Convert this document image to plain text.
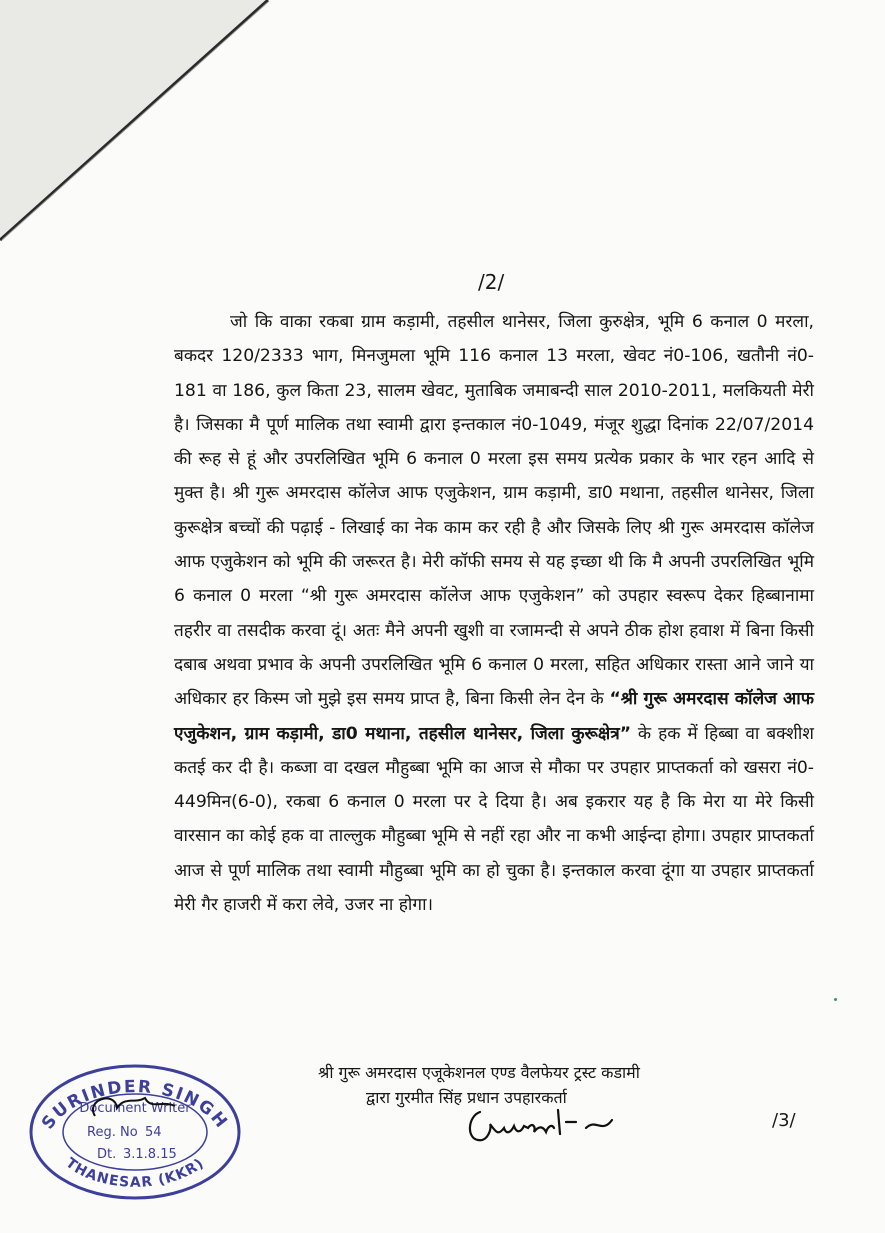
/2/

जो कि वाका रकबा ग्राम कड़ामी, तहसील थानेसर, जिला कुरुक्षेत्र, भूमि 6 कनाल 0 मरला, बकदर 120/2333 भाग, मिनजुमला भूमि 116 कनाल 13 मरला, खेवट नं0-106, खतौनी नं0-181 वा 186, कुल किता 23, सालम खेवट, मुताबिक जमाबन्दी साल 2010-2011, मलकियती मेरी है। जिसका मै पूर्ण मालिक तथा स्वामी द्वारा इन्तकाल नं0-1049, मंजूर शुद्धा दिनांक 22/07/2014 की रूह से हूं और उपरलिखित भूमि 6 कनाल 0 मरला इस समय प्रत्येक प्रकार के भार रहन आदि से मुक्त है। श्री गुरू अमरदास कॉलेज आफ एजुकेशन, ग्राम कड़ामी, डा0 मथाना, तहसील थानेसर, जिला कुरूक्षेत्र बच्चों की पढ़ाई - लिखाई का नेक काम कर रही है और जिसके लिए श्री गुरू अमरदास कॉलेज आफ एजुकेशन को भूमि की जरूरत है। मेरी कॉफी समय से यह इच्छा थी कि मै अपनी उपरलिखित भूमि 6 कनाल 0 मरला “श्री गुरू अमरदास कॉलेज आफ एजुकेशन” को उपहार स्वरूप देकर हिब्बानामा तहरीर वा तसदीक करवा दूं। अतः मैने अपनी खुशी वा रजामन्दी से अपने ठीक होश हवाश में बिना किसी दबाब अथवा प्रभाव के अपनी उपरलिखित भूमि 6 कनाल 0 मरला, सहित अधिकार रास्ता आने जाने या अधिकार हर किस्म जो मुझे इस समय प्राप्त है, बिना किसी लेन देन के “श्री गुरू अमरदास कॉलेज आफ एजुकेशन, ग्राम कड़ामी, डा0 मथाना, तहसील थानेसर, जिला कुरूक्षेत्र” के हक में हिब्बा वा बक्शीश कतई कर दी है। कब्जा वा दखल मौहुब्बा भूमि का आज से मौका पर उपहार प्राप्तकर्ता को खसरा नं0-449मिन(6-0), रकबा 6 कनाल 0 मरला पर दे दिया है। अब इकरार यह है कि मेरा या मेरे किसी वारसान का कोई हक वा ताल्लुक मौहुब्बा भूमि से नहीं रहा और ना कभी आईन्दा होगा। उपहार प्राप्तकर्ता आज से पूर्ण मालिक तथा स्वामी मौहुब्बा भूमि का हो चुका है। इन्तकाल करवा दूंगा या उपहार प्राप्तकर्ता मेरी गैर हाजरी में करा लेवे, उजर ना होगा।

श्री गुरू अमरदास एजूकेशनल एण्ड वैलफेयर ट्रस्ट कडामी
द्वारा गुरमीत सिंह प्रधान उपहारकर्ता
/3/
SURINDER SINGH
THANESAR (KKR)
Document Writer
Reg. No 54
Dt. 3.1.8.15
